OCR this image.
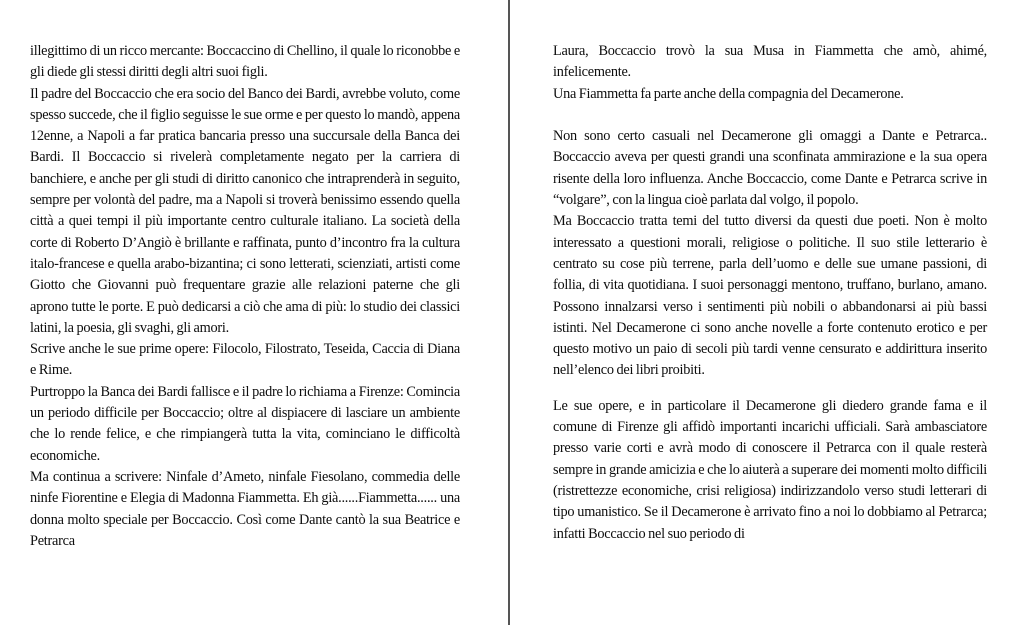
illegittimo di un ricco mercante: Boccaccino di Chellino, il quale lo riconobbe e gli diede gli stessi diritti degli altri suoi figli.

Il padre del Boccaccio che era socio del Banco dei Bardi, avrebbe voluto, come spesso succede, che il figlio seguisse le sue orme e per questo lo mandò, appena 12enne, a Napoli a far pratica bancaria presso una succursale della Banca dei Bardi. Il Boccaccio si rivelerà completamente negato per la carriera di banchiere, e anche per gli studi di diritto canonico che intraprenderà in seguito, sempre per volontà del padre, ma a Napoli si troverà benissimo essendo quella città a quei tempi il più importante centro culturale italiano. La società della corte di Roberto D’Angiò è brillante e raffinata, punto d’incontro fra la cultura italo-francese e quella arabo-bizantina; ci sono letterati, scienziati, artisti come Giotto che Giovanni può frequentare grazie alle relazioni paterne che gli aprono tutte le porte. E può dedicarsi a ciò che ama di più: lo studio dei classici latini, la poesia, gli svaghi, gli amori.

Scrive anche le sue prime opere: Filocolo, Filostrato, Teseida, Caccia di Diana e Rime.

Purtroppo la Banca dei Bardi fallisce e il padre lo richiama a Firenze: Comincia un periodo difficile per Boccaccio; oltre al dispiacere di lasciare un ambiente che lo rende felice, e che rimpiangerà tutta la vita, cominciano le difficoltà economiche.

Ma continua a scrivere: Ninfale d’Ameto, ninfale Fiesolano, commedia delle ninfe Fiorentine e Elegia di Madonna Fiammetta. Eh già......Fiammetta...... una donna molto speciale per Boccaccio. Così come Dante cantò la sua Beatrice e Petrarca

Laura, Boccaccio trovò la sua Musa in Fiammetta che amò, ahimé, infelicemente.

Una Fiammetta fa parte anche della compagnia del Decamerone.

Non sono certo casuali nel Decamerone gli omaggi a Dante e Petrarca.. Boccaccio aveva per questi grandi una sconfinata ammirazione e la sua opera risente della loro influenza. Anche Boccaccio, come Dante e Petrarca scrive in “volgare”, con la lingua cioè parlata dal volgo, il popolo.

Ma Boccaccio tratta temi del tutto diversi da questi due poeti. Non è molto interessato a questioni morali, religiose o politiche. Il suo stile letterario è centrato su cose più terrene, parla dell’uomo e delle sue umane passioni, di follia, di vita quotidiana. I suoi personaggi mentono, truffano, burlano, amano. Possono innalzarsi verso i sentimenti più nobili o abbandonarsi ai più bassi istinti. Nel Decamerone ci sono anche novelle a forte contenuto erotico e per questo motivo un paio di secoli più tardi venne censurato e addirittura inserito nell’elenco dei libri proibiti.

Le sue opere, e in particolare il Decamerone gli diedero grande fama e il comune di Firenze gli affidò importanti incarichi ufficiali. Sarà ambasciatore presso varie corti e avrà modo di conoscere il Petrarca con il quale resterà sempre in grande amicizia e che lo aiuterà a superare dei momenti molto difficili (ristrettezze economiche, crisi religiosa) indirizzandolo verso studi letterari di tipo umanistico. Se il Decamerone è arrivato fino a noi lo dobbiamo al Petrarca; infatti Boccaccio nel suo periodo di
